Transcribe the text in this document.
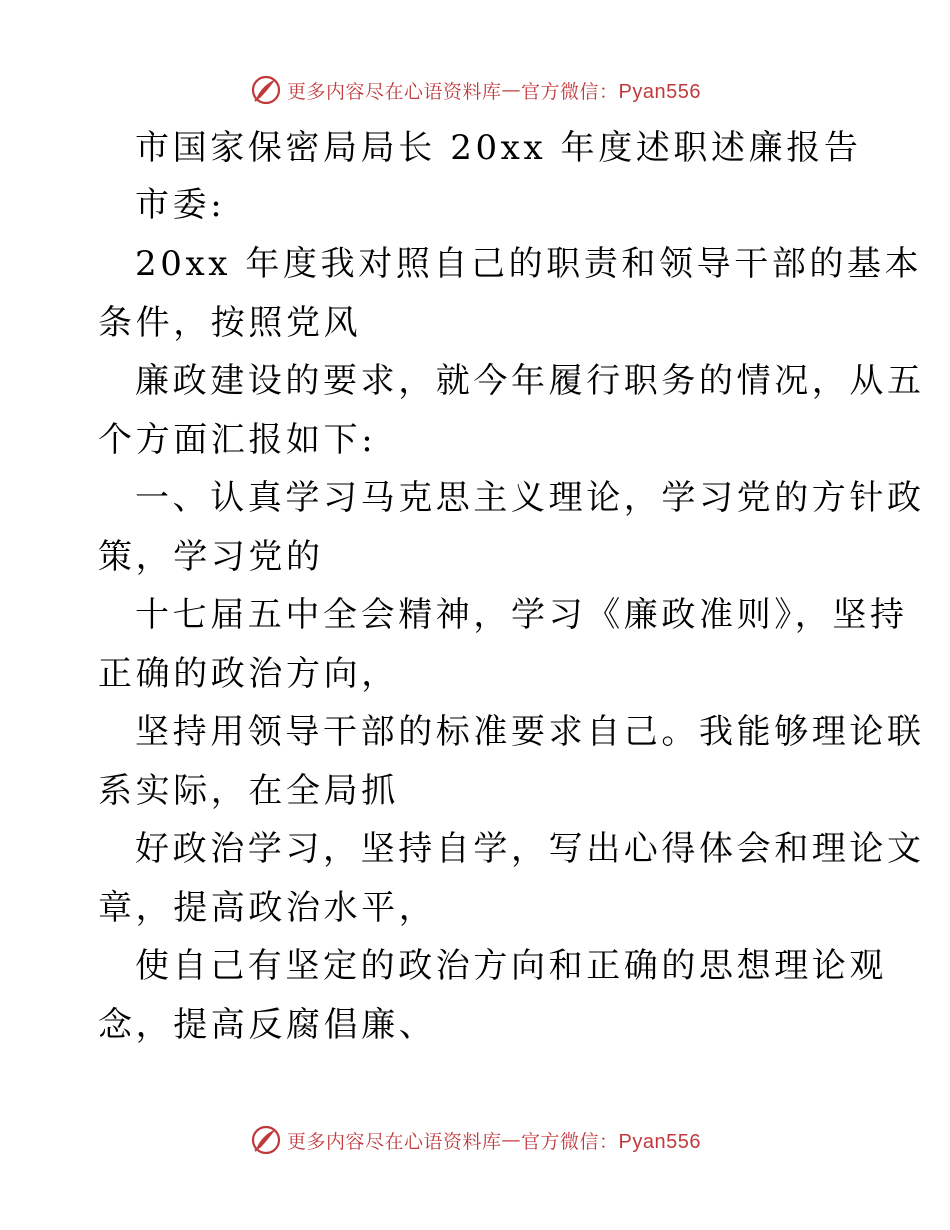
更多内容尽在心语资料库 — 官方微信：Pyan556
市国家保密局局长 20xx 年度述职述廉报告
市委:
20xx 年度我对照自己的职责和领导干部的基本
条件，按照党风
廉政建设的要求，就今年履行职务的情况，从五
个方面汇报如下:
一、认真学习马克思主义理论，学习党的方针政
策，学习党的
十七届五中全会精神，学习《廉政准则》，坚持
正确的政治方向，
坚持用领导干部的标准要求自己。我能够理论联
系实际，在全局抓
好政治学习，坚持自学，写出心得体会和理论文
章，提高政治水平，
使自己有坚定的政治方向和正确的思想理论观
念，提高反腐倡廉、
更多内容尽在心语资料库 — 官方微信：Pyan556
